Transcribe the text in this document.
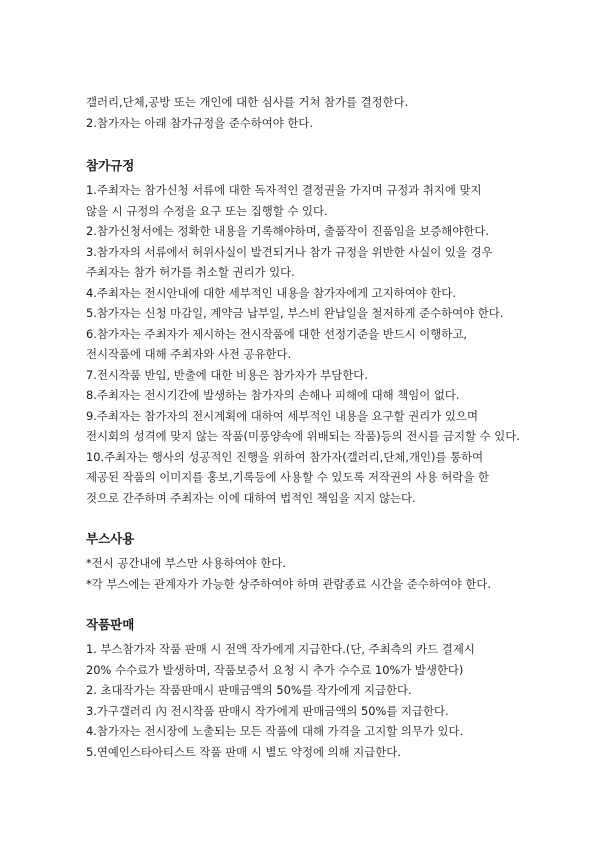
갤러리,단체,공방 또는 개인에 대한 심사를 거쳐 참가를 결정한다.

2.참가자는 아래 참가규정을 준수하여야 한다.

참가규정

1.주최자는 참가신청 서류에 대한 독자적인 결정권을 가지며 규정과 취지에 맞지

않을 시 규정의 수정을 요구 또는 집행할 수 있다.

2.참가신청서에는 정확한 내용을 기록해야하며, 출품작이 진품임을 보증해야한다.

3.참가자의 서류에서 허위사실이 발견되거나 참가 규정을 위반한 사실이 있을 경우

주최자는 참가 허가를 취소할 권리가 있다.

4.주최자는 전시안내에 대한 세부적인 내용을 참가자에게 고지하여야 한다.

5.참가자는 신청 마감일, 계약금 납부일, 부스비 완납일을 철저하게 준수하여야 한다.

6.참가자는 주최자가 제시하는 전시작품에 대한 선정기준을 반드시 이행하고,

전시작품에 대해 주최자와 사전 공유한다.

7.전시작품 반입, 반출에 대한 비용은 참가자가 부담한다.

8.주최자는 전시기간에 발생하는 참가자의 손해나 피해에 대해 책임이 없다.

9.주최자는 참가자의 전시계획에 대하여 세부적인 내용을 요구할 권리가 있으며

전시회의 성격에 맞지 않는 작품(미풍양속에 위배되는 작품)등의 전시를 금지할 수 있다.

10.주최자는 행사의 성공적인 진행을 위하여 참가자(갤러리,단체,개인)를 통하여

제공된 작품의 이미지를 홍보,기록등에 사용할 수 있도록 저작권의 사용 허락을 한

것으로 간주하며 주최자는 이에 대하여 법적인 책임을 지지 않는다.

부스사용

*전시 공간내에 부스만 사용하여야 한다.

*각 부스에는 관계자가 가능한 상주하여야 하며 관람종료 시간을 준수하여야 한다.

작품판매

1. 부스참가자 작품 판매 시 전액 작가에게 지급한다.(단, 주최측의 카드 결제시

20% 수수료가 발생하며, 작품보증서 요청 시 추가 수수료 10%가 발생한다)

2. 초대작가는 작품판매시 판매금액의 50%를 작가에게 지급한다.

3.가구갤러리 內 전시작품 판매시 작가에게 판매금액의 50%를 지급한다.

4.참가자는 전시장에 노출되는 모든 작품에 대해 가격을 고지할 의무가 있다.

5.연예인스타아티스트 작품 판매 시 별도 약정에 의해 지급한다.
